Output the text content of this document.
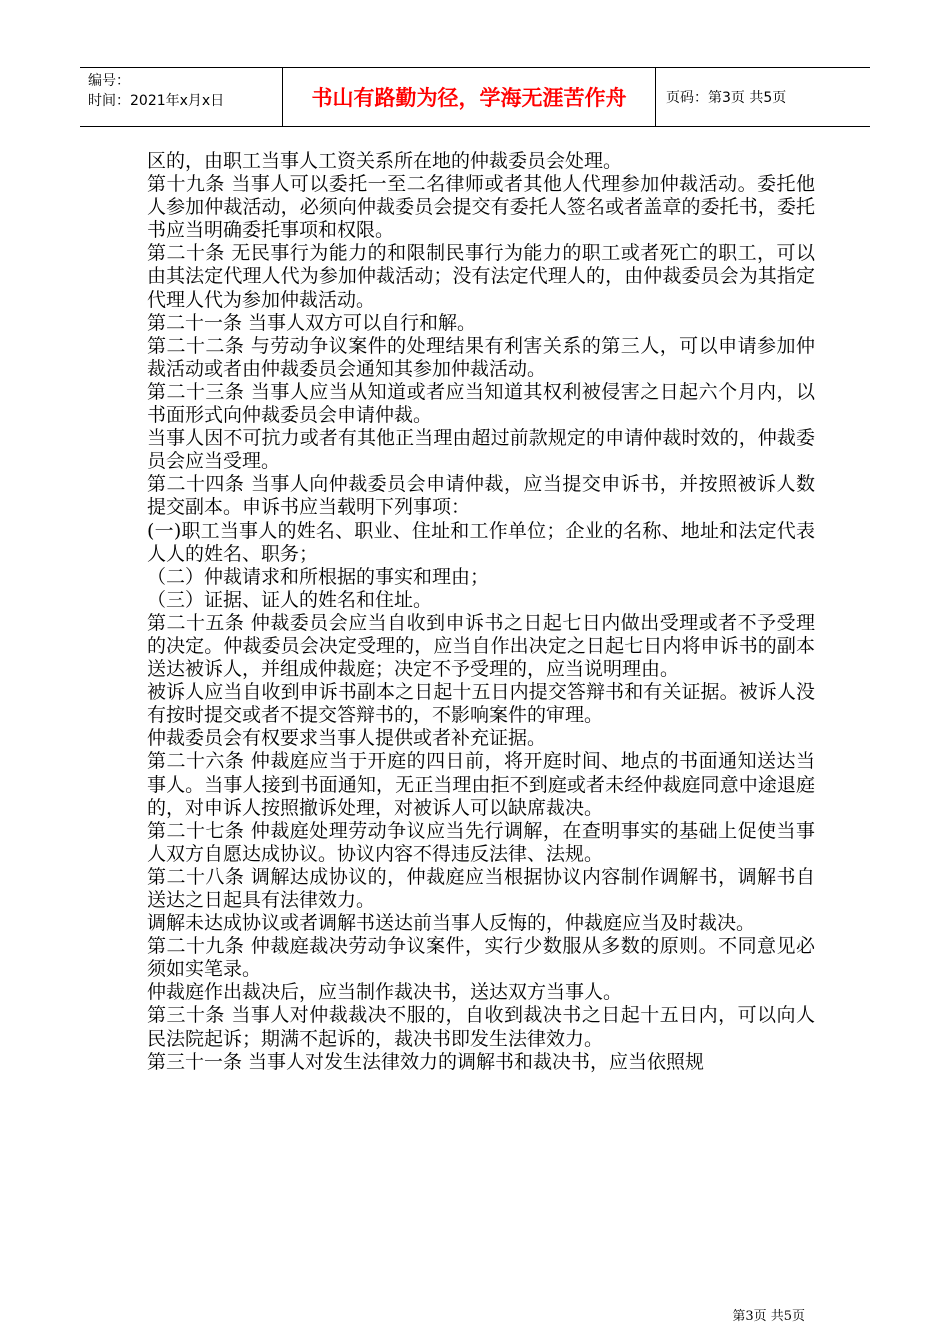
编号：
时间：2021年x月x日	书山有路勤为径，学海无涯苦作舟	页码：第3页 共5页

区的，由职工当事人工资关系所在地的仲裁委员会处理。

第十九条 当事人可以委托一至二名律师或者其他人代理参加仲裁活动。委托他人参加仲裁活动，必须向仲裁委员会提交有委托人签名或者盖章的委托书，委托书应当明确委托事项和权限。

第二十条 无民事行为能力的和限制民事行为能力的职工或者死亡的职工，可以由其法定代理人代为参加仲裁活动；没有法定代理人的，由仲裁委员会为其指定代理人代为参加仲裁活动。

第二十一条 当事人双方可以自行和解。

第二十二条 与劳动争议案件的处理结果有利害关系的第三人，可以申请参加仲裁活动或者由仲裁委员会通知其参加仲裁活动。

第二十三条 当事人应当从知道或者应当知道其权利被侵害之日起六个月内，以书面形式向仲裁委员会申请仲裁。

当事人因不可抗力或者有其他正当理由超过前款规定的申请仲裁时效的，仲裁委员会应当受理。

第二十四条 当事人向仲裁委员会申请仲裁，应当提交申诉书，并按照被诉人数提交副本。申诉书应当载明下列事项：

(一)职工当事人的姓名、职业、住址和工作单位；企业的名称、地址和法定代表人人的姓名、职务；

（二）仲裁请求和所根据的事实和理由；

（三）证据、证人的姓名和住址。

第二十五条 仲裁委员会应当自收到申诉书之日起七日内做出受理或者不予受理的决定。仲裁委员会决定受理的，应当自作出决定之日起七日内将申诉书的副本送达被诉人，并组成仲裁庭；决定不予受理的，应当说明理由。

被诉人应当自收到申诉书副本之日起十五日内提交答辩书和有关证据。被诉人没有按时提交或者不提交答辩书的，不影响案件的审理。

仲裁委员会有权要求当事人提供或者补充证据。

第二十六条 仲裁庭应当于开庭的四日前，将开庭时间、地点的书面通知送达当事人。当事人接到书面通知，无正当理由拒不到庭或者未经仲裁庭同意中途退庭的，对申诉人按照撤诉处理，对被诉人可以缺席裁决。

第二十七条 仲裁庭处理劳动争议应当先行调解，在查明事实的基础上促使当事人双方自愿达成协议。协议内容不得违反法律、法规。

第二十八条 调解达成协议的，仲裁庭应当根据协议内容制作调解书，调解书自送达之日起具有法律效力。

调解未达成协议或者调解书送达前当事人反悔的，仲裁庭应当及时裁决。

第二十九条 仲裁庭裁决劳动争议案件，实行少数服从多数的原则。不同意见必须如实笔录。

仲裁庭作出裁决后，应当制作裁决书，送达双方当事人。

第三十条 当事人对仲裁裁决不服的，自收到裁决书之日起十五日内，可以向人民法院起诉；期满不起诉的，裁决书即发生法律效力。

第三十一条 当事人对发生法律效力的调解书和裁决书，应当依照规

第3页 共5页
